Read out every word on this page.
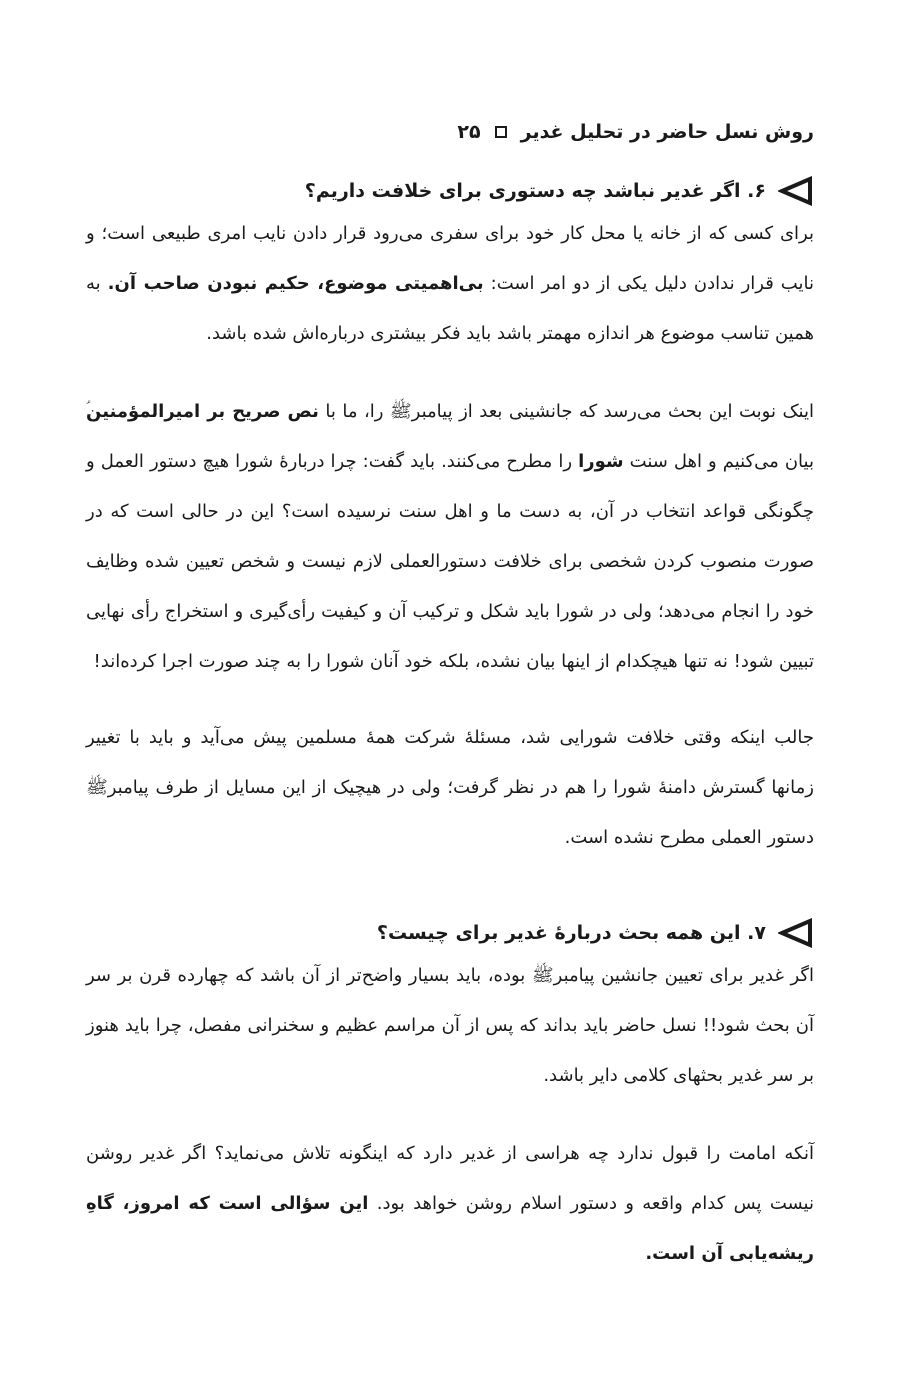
روش نسل حاضر در تحلیل غدیر
۲۵
۶. اگر غدیر نباشد چه دستوری برای خلافت داریم؟

برای کسی که از خانه یا محل کار خود برای سفری می‌رود قرار دادن نایب امری طبیعی است؛ و نایب قرار ندادن دلیل یکی از دو امر است: بی‌اهمیتی موضوع، حکیم نبودن صاحب آن. به همین تناسب موضوع هر اندازه مهمتر باشد باید فکر بیشتری درباره‌اش شده باشد.

اینک نوبت این بحث می‌رسد که جانشینی بعد از پیامبرﷺ را، ما با نص صریح بر امیرالمؤمنین بیان می‌کنیم و اهل سنت شورا را مطرح می‌کنند. باید گفت: چرا دربارۀ شورا هیچ دستور العمل و چگونگی قواعد انتخاب در آن، به دست ما و اهل سنت نرسیده است؟ این در حالی است که در صورت منصوب کردن شخصی برای خلافت دستورالعملی لازم نیست و شخص تعیین شده وظایف خود را انجام می‌دهد؛ ولی در شورا باید شکل و ترکیب آن و کیفیت رأی‌گیری و استخراج رأی نهایی تبیین شود! نه تنها هیچکدام از اینها بیان نشده، بلکه خود آنان شورا را به چند صورت اجرا کرده‌اند!

جالب اینکه وقتی خلافت شورایی شد، مسئلۀ شرکت همۀ مسلمین پیش می‌آید و باید با تغییر زمانها گسترش دامنۀ شورا را هم در نظر گرفت؛ ولی در هیچیک از این مسایل از طرف پیامبرﷺ دستور العملی مطرح نشده است.

۷. این همه بحث دربارۀ غدیر برای چیست؟

اگر غدیر برای تعیین جانشین پیامبرﷺ بوده، باید بسیار واضح‌تر از آن باشد که چهارده قرن بر سر آن بحث شود!! نسل حاضر باید بداند که پس از آن مراسم عظیم و سخنرانی مفصل، چرا باید هنوز بر سر غدیر بحثهای کلامی دایر باشد.

آنکه امامت را قبول ندارد چه هراسی از غدیر دارد که اینگونه تلاش می‌نماید؟ اگر غدیر روشن نیست پس کدام واقعه و دستور اسلام روشن خواهد بود. این سؤالی است که امروز، گاهِ ریشه‌یابی آن است.
